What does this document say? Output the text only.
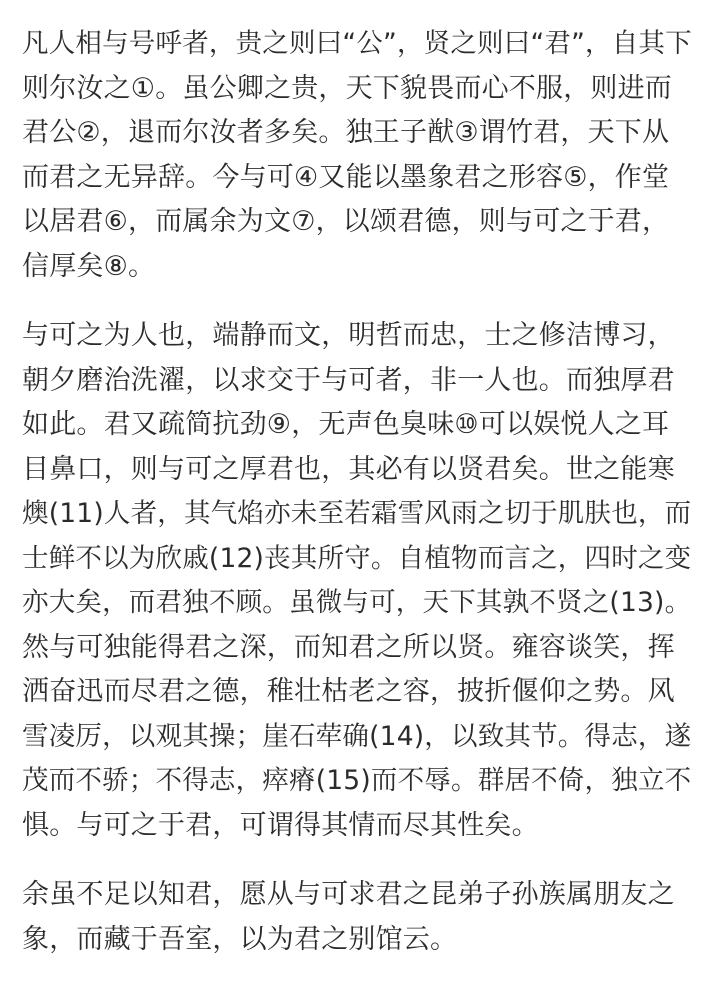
凡人相与号呼者，贵之则曰“公”，贤之则曰“君”，自其下
则尔汝之①。虽公卿之贵，天下貌畏而心不服，则进而
君公②，退而尔汝者多矣。独王子猷③谓竹君，天下从
而君之无异辞。今与可④又能以墨象君之形容⑤，作堂
以居君⑥，而属余为文⑦，以颂君德，则与可之于君，
信厚矣⑧。
与可之为人也，端静而文，明哲而忠，士之修洁博习，
朝夕磨治洗濯，以求交于与可者，非一人也。而独厚君
如此。君又疏简抗劲⑨，无声色臭味⑩可以娱悦人之耳
目鼻口，则与可之厚君也，其必有以贤君矣。世之能寒
燠(11)人者，其气焰亦未至若霜雪风雨之切于肌肤也，而
士鲜不以为欣戚(12)丧其所守。自植物而言之，四时之变
亦大矣，而君独不顾。虽微与可，天下其孰不贤之(13)。
然与可独能得君之深，而知君之所以贤。雍容谈笑，挥
洒奋迅而尽君之德，稚壮枯老之容，披折偃仰之势。风
雪凌厉，以观其操；崖石荦确(14)，以致其节。得志，遂
茂而不骄；不得志，瘁瘠(15)而不辱。群居不倚，独立不
惧。与可之于君，可谓得其情而尽其性矣。
余虽不足以知君，愿从与可求君之昆弟子孙族属朋友之
象，而藏于吾室，以为君之别馆云。
